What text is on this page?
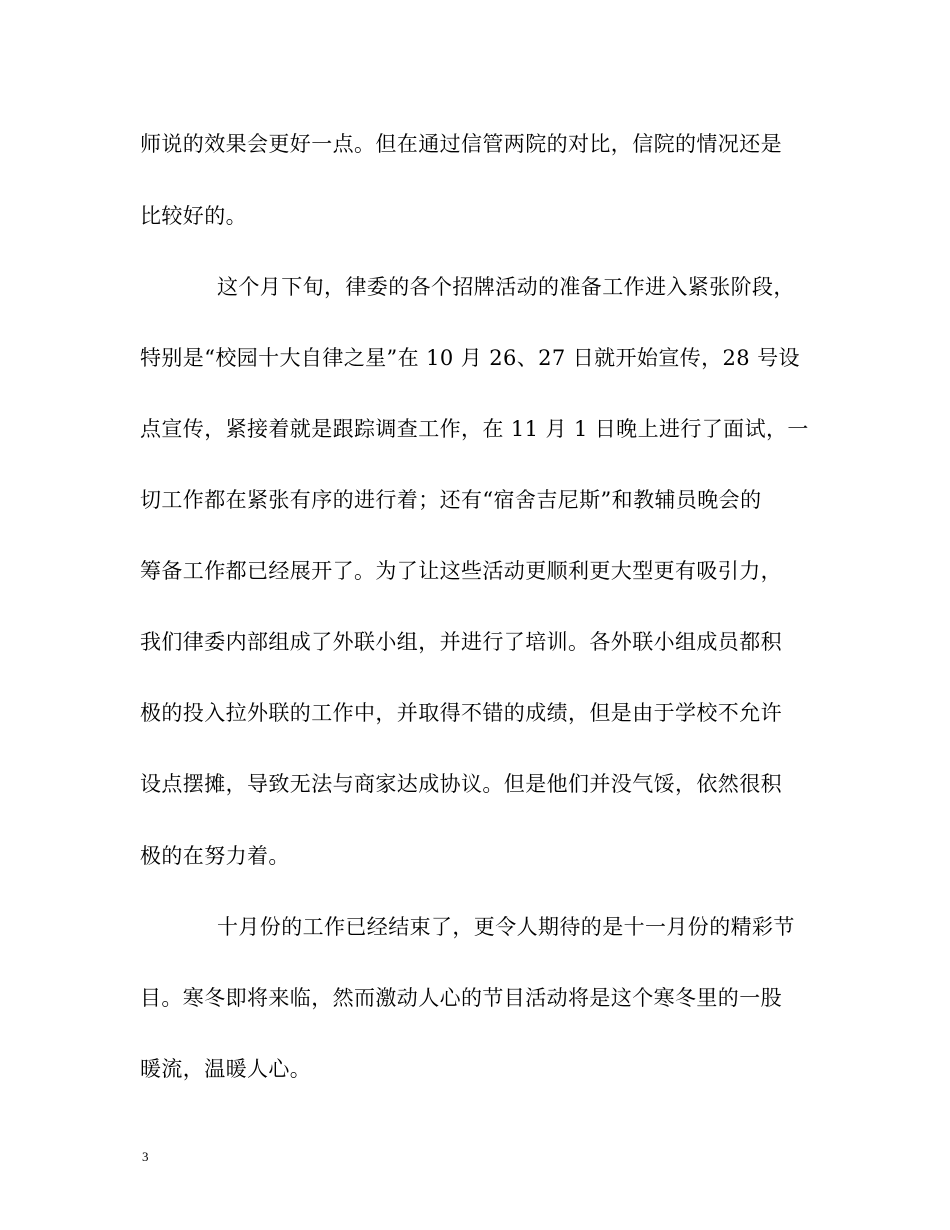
师说的效果会更好一点。但在通过信管两院的对比，信院的情况还是
比较好的。
这个月下旬，律委的各个招牌活动的准备工作进入紧张阶段，
特别是“校园十大自律之星”在 10 月 26、27 日就开始宣传，28 号设
点宣传，紧接着就是跟踪调查工作，在 11 月 1 日晚上进行了面试，一
切工作都在紧张有序的进行着；还有“宿舍吉尼斯”和教辅员晚会的
筹备工作都已经展开了。为了让这些活动更顺利更大型更有吸引力，
我们律委内部组成了外联小组，并进行了培训。各外联小组成员都积
极的投入拉外联的工作中，并取得不错的成绩，但是由于学校不允许
设点摆摊，导致无法与商家达成协议。但是他们并没气馁，依然很积
极的在努力着。
十月份的工作已经结束了，更令人期待的是十一月份的精彩节
目。寒冬即将来临，然而激动人心的节目活动将是这个寒冬里的一股
暖流，温暖人心。
3
